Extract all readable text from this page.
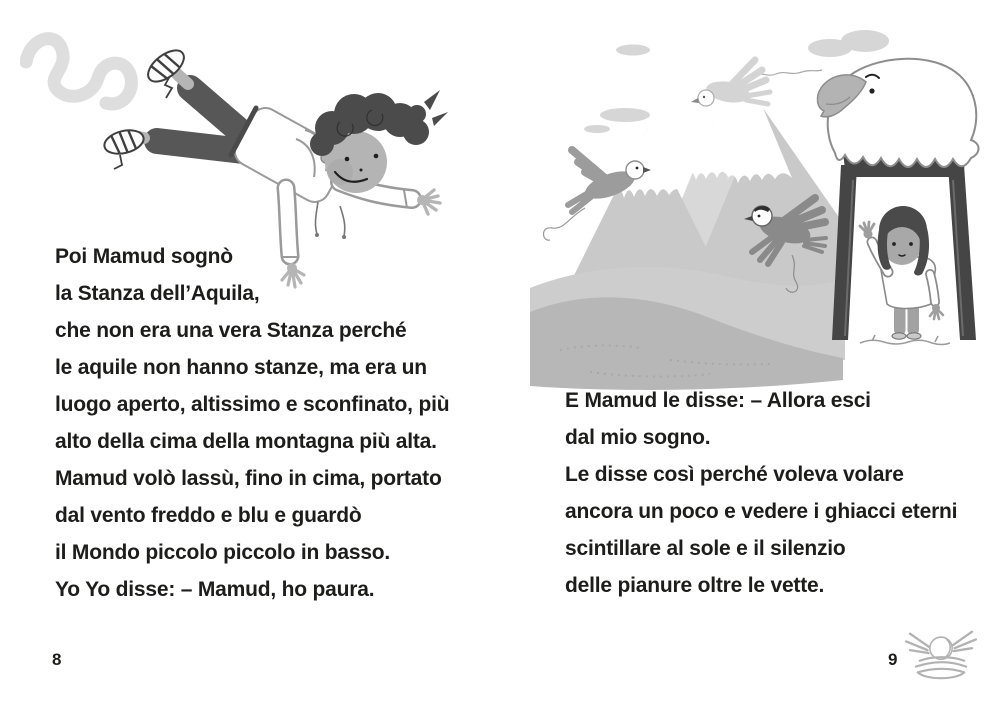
Poi Mamud sognò
la Stanza dell’Aquila,
che non era una vera Stanza perché
le aquile non hanno stanze, ma era un
luogo aperto, altissimo e sconfinato, più
alto della cima della montagna più alta.
Mamud volò lassù, fino in cima, portato
dal vento freddo e blu e guardò
il Mondo piccolo piccolo in basso.
Yo Yo disse: – Mamud, ho paura.
E Mamud le disse: – Allora esci
dal mio sogno.
Le disse così perché voleva volare
ancora un poco e vedere i ghiacci eterni
scintillare al sole e il silenzio
delle pianure oltre le vette.
8	9
